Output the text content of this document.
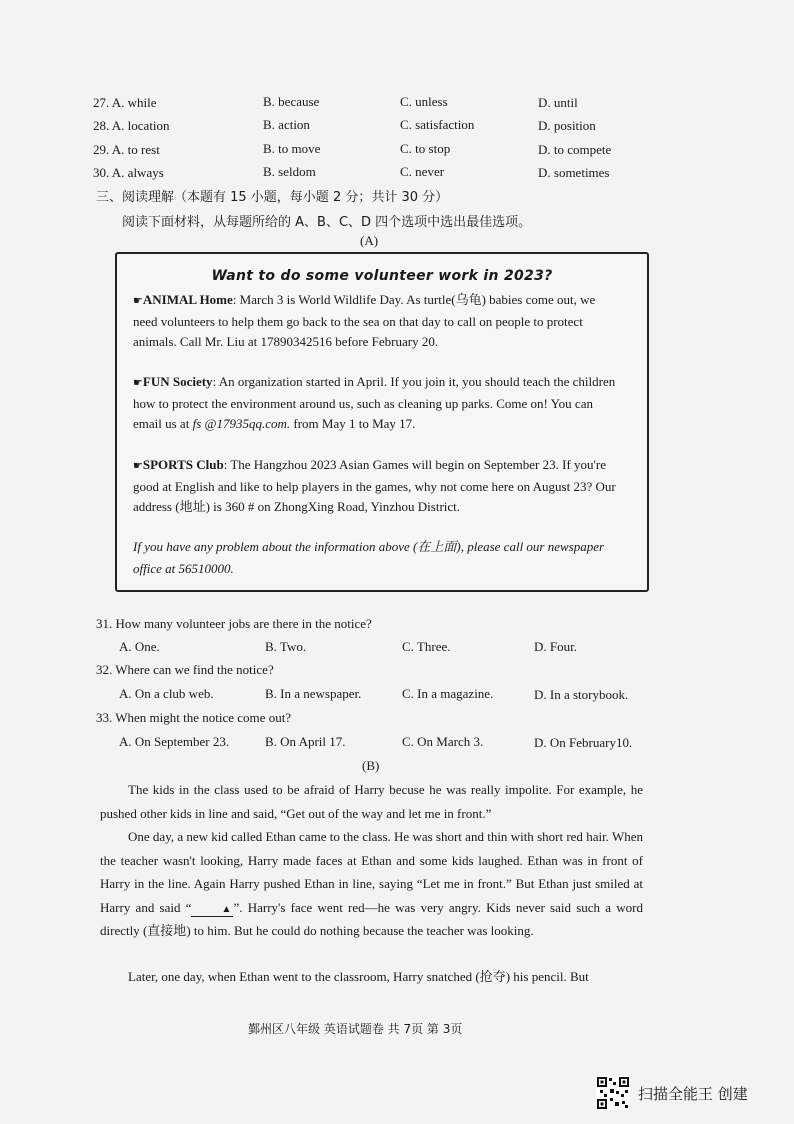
27. A. while	B. because	C. unless	D. until
28. A. location	B. action	C. satisfaction	D. position
29. A. to rest	B. to move	C. to stop	D. to compete
30. A. always	B. seldom	C. never	D. sometimes
三、阅读理解（本题有 15 小题，每小题 2 分；共计 30 分）
阅读下面材料，从每题所给的 A、B、C、D 四个选项中选出最佳选项。
(A)
Want to do some volunteer work in 2023?
☛ANIMAL Home: March 3 is World Wildlife Day. As turtle(乌龟) babies come out, we need volunteers to help them go back to the sea on that day to call on people to protect animals. Call Mr. Liu at 17890342516 before February 20.
☛FUN Society: An organization started in April. If you join it, you should teach the children how to protect the environment around us, such as cleaning up parks. Come on! You can email us at fs @17935qq.com. from May 1 to May 17.
☛SPORTS Club: The Hangzhou 2023 Asian Games will begin on September 23. If you're good at English and like to help players in the games, why not come here on August 23? Our address (地址) is 360 # on ZhongXing Road, Yinzhou District.
If you have any problem about the information above (在上面), please call our newspaper office at 56510000.
31. How many volunteer jobs are there in the notice?
A. One.	B. Two.	C. Three.	D. Four.
32. Where can we find the notice?
A. On a club web.	B. In a newspaper.	C. In a magazine.	D. In a storybook.
33. When might the notice come out?
A. On September 23.	B. On April 17.	C. On March 3.	D. On February10.
(B)
The kids in the class used to be afraid of Harry becuse he was really impolite. For example, he pushed other kids in line and said, “Get out of the way and let me in front.”
One day, a new kid called Ethan came to the class. He was short and thin with short red hair. When the teacher wasn't looking, Harry made faces at Ethan and some kids laughed. Ethan was in front of Harry in the line. Again Harry pushed Ethan in line, saying “Let me in front.” But Ethan just smiled at Harry and said “	▲ ”. Harry's face went red—he was very angry. Kids never said such a word directly (直接地) to him. But he could do nothing because the teacher was looking.
Later, one day, when Ethan went to the classroom, Harry snatched (抢夺) his pencil. But
鄞州区八年级 英语试题卷 共 7页 第 3页
扫描全能王 创建
